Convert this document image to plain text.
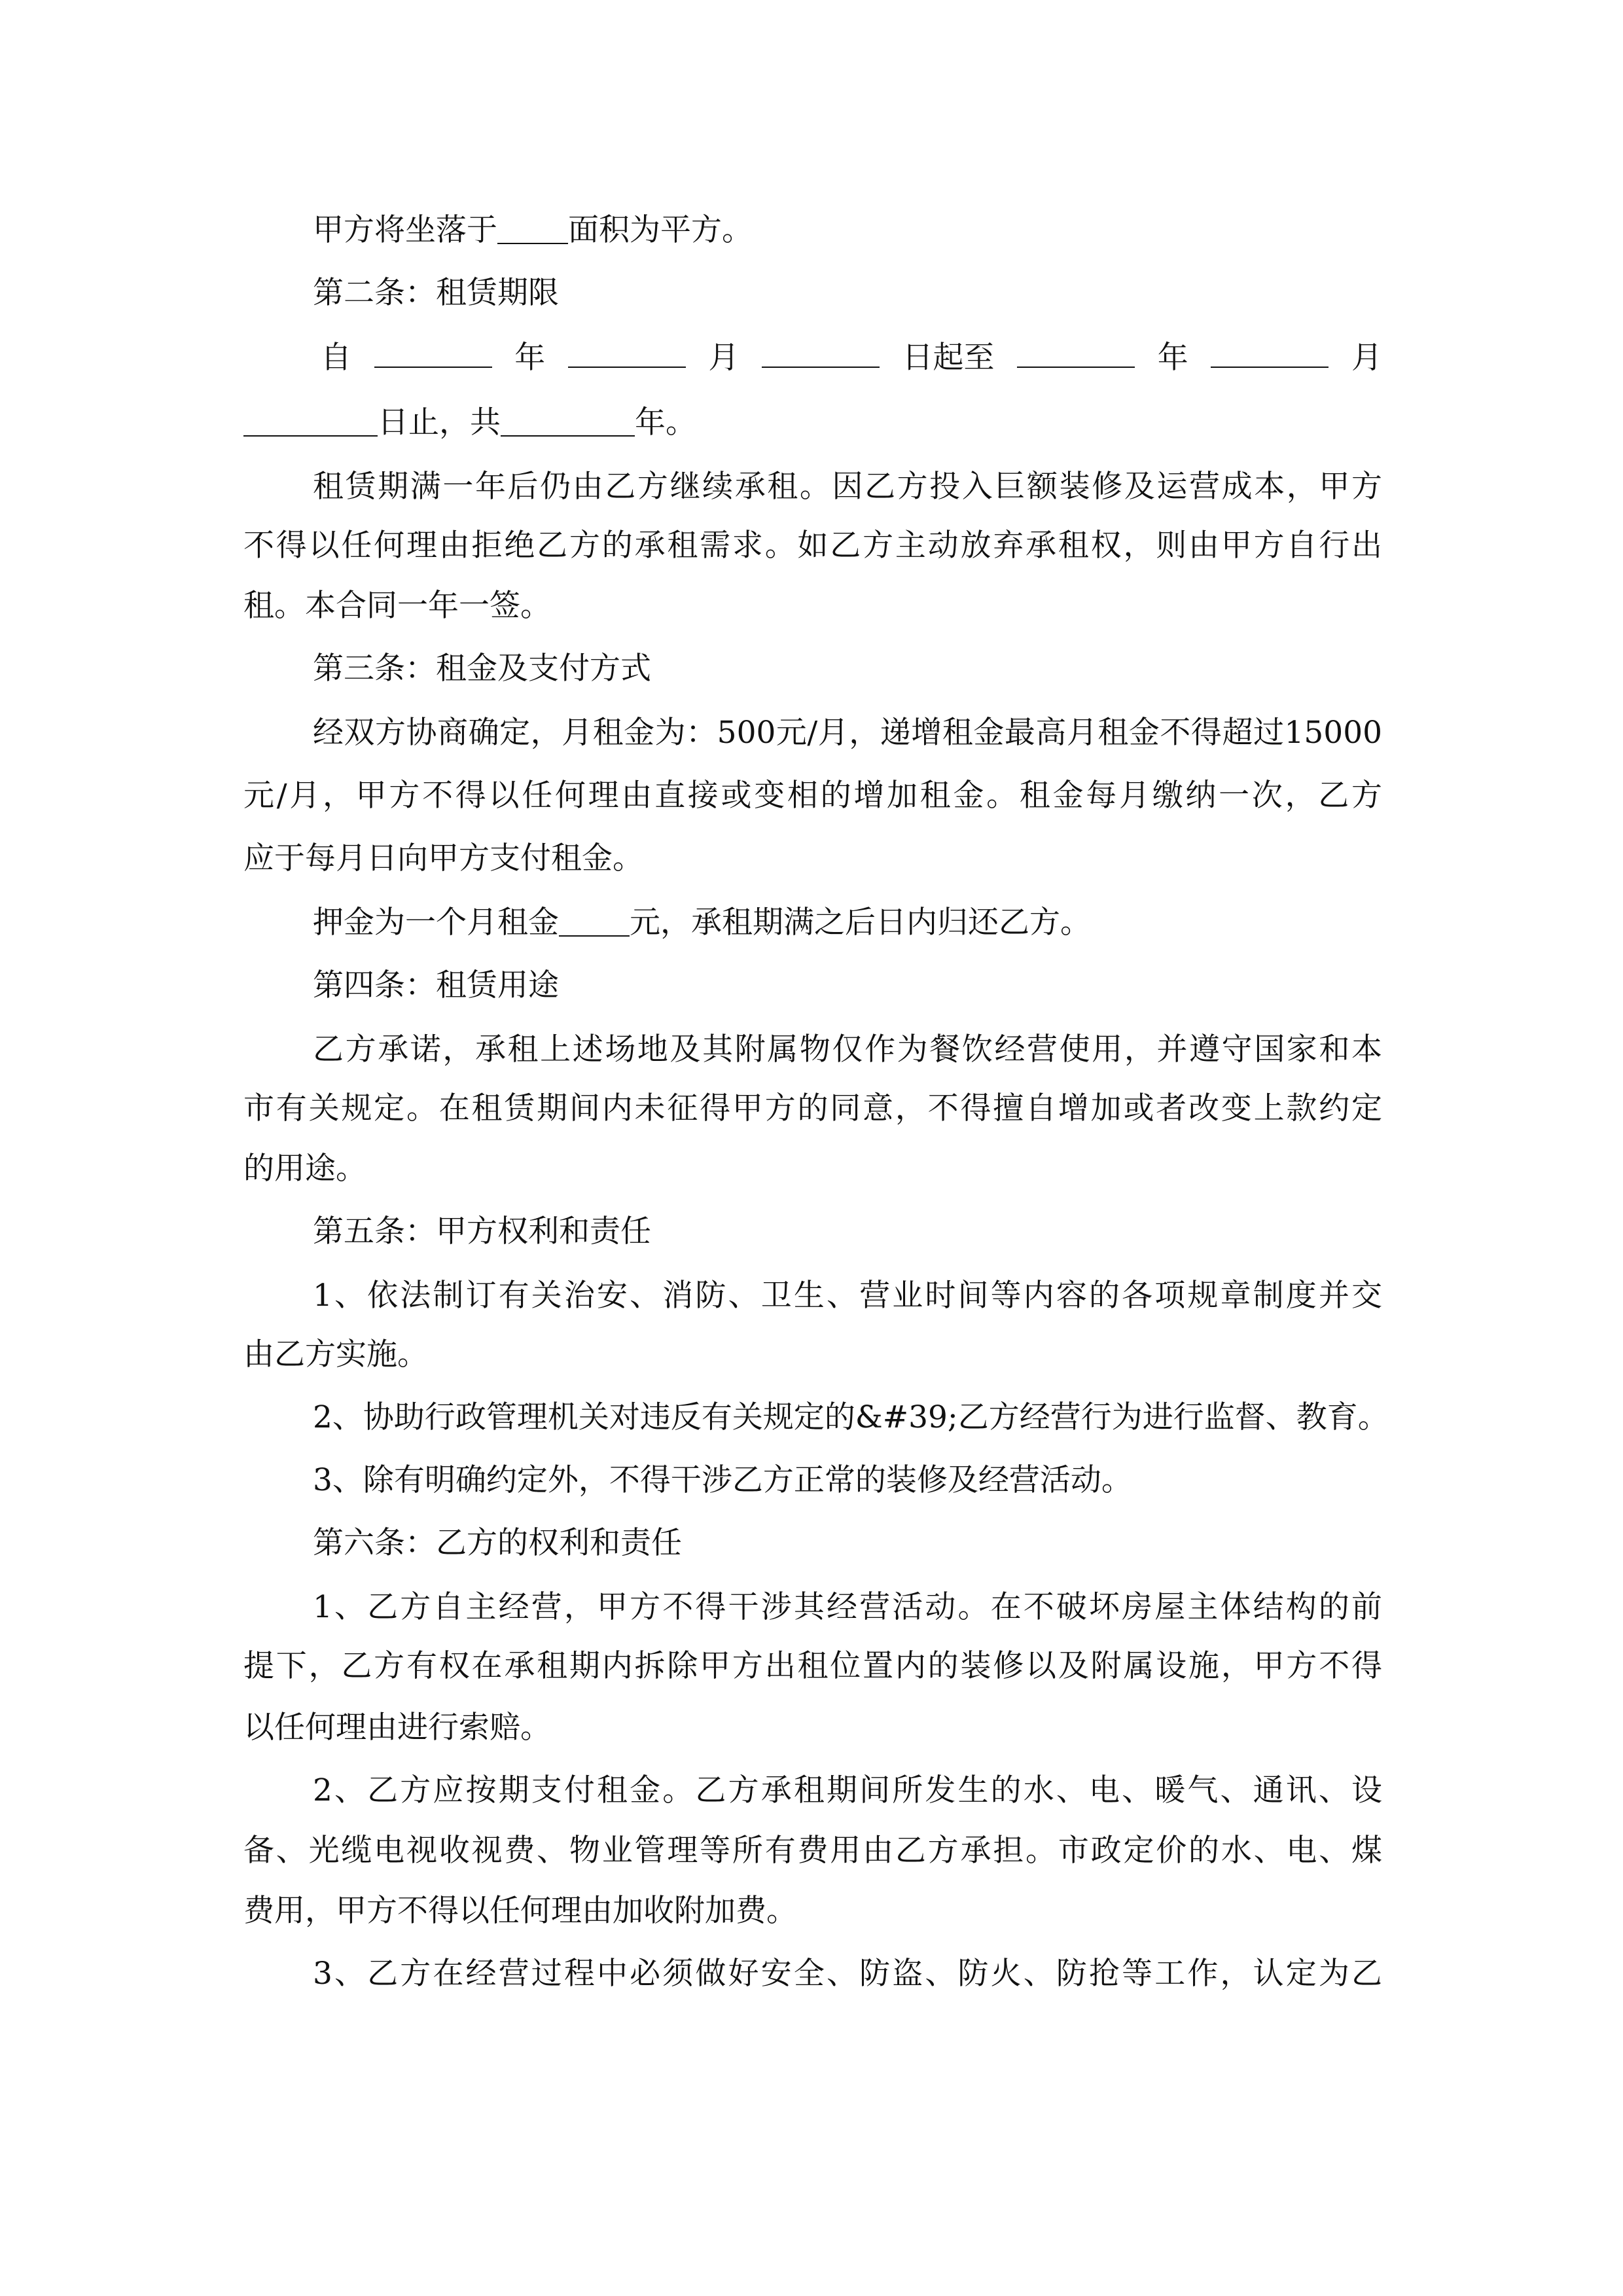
甲方将坐落于 面积为平方。
第二条：租赁期限
自	年	月	日起至	年	月
日止，共	年。
租赁期满一年后仍由乙方继续承租。因乙方投入巨额装修及运营成本，甲方
不得以任何理由拒绝乙方的承租需求。如乙方主动放弃承租权，则由甲方自行出
租。本合同一年一签。
第三条：租金及支付方式
经双方协商确定，月租金为：500元/月，递增租金最高月租金不得超过15000
元/月，甲方不得以任何理由直接或变相的增加租金。租金每月缴纳一次，乙方
应于每月日向甲方支付租金。
押金为一个月租金 元，承租期满之后日内归还乙方。
第四条：租赁用途
乙方承诺，承租上述场地及其附属物仅作为餐饮经营使用，并遵守国家和本
市有关规定。在租赁期间内未征得甲方的同意，不得擅自增加或者改变上款约定
的用途。
第五条：甲方权利和责任
1、依法制订有关治安、消防、卫生、营业时间等内容的各项规章制度并交
由乙方实施。
2、协助行政管理机关对违反有关规定的&#39;乙方经营行为进行监督、教育。
3、除有明确约定外，不得干涉乙方正常的装修及经营活动。
第六条：乙方的权利和责任
1、乙方自主经营，甲方不得干涉其经营活动。在不破坏房屋主体结构的前
提下，乙方有权在承租期内拆除甲方出租位置内的装修以及附属设施，甲方不得
以任何理由进行索赔。
2、乙方应按期支付租金。乙方承租期间所发生的水、电、暖气、通讯、设
备、光缆电视收视费、物业管理等所有费用由乙方承担。市政定价的水、电、煤
费用，甲方不得以任何理由加收附加费。
3、乙方在经营过程中必须做好安全、防盗、防火、防抢等工作，认定为乙
